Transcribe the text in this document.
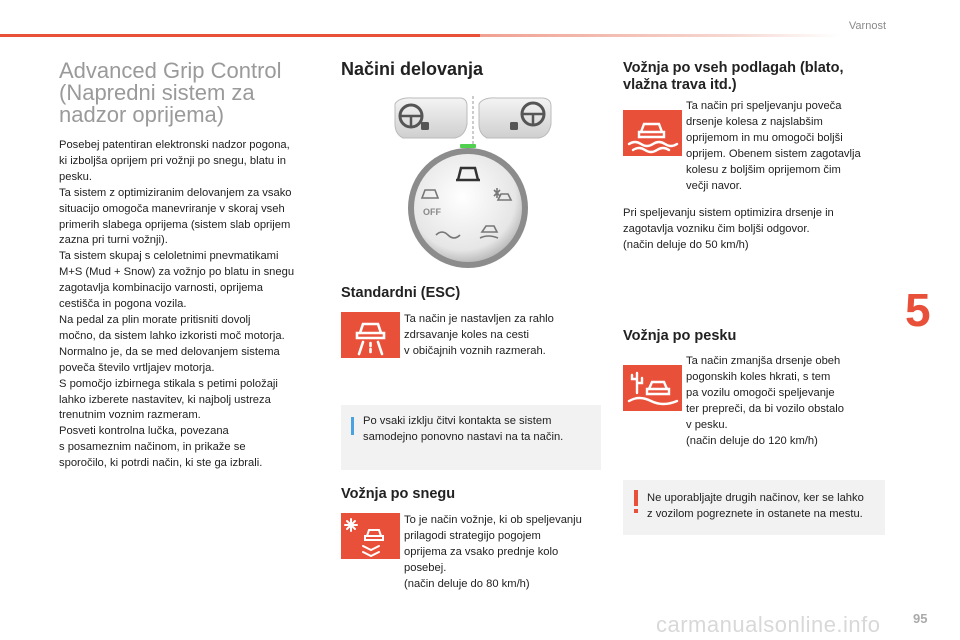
Varnost
5
carmanualsonline.info 95
Advanced Grip Control
(Napredni sistem za
nadzor oprijema)

Posebej patentiran elektronski nadzor pogona,
ki izboljša oprijem pri vožnji po snegu, blatu in
pesku.
Ta sistem z optimiziranim delovanjem za vsako
situacijo omogoča manevriranje v skoraj vseh
primerih slabega oprijema (sistem slab oprijem
zazna pri turni vožnji).
Ta sistem skupaj s celoletnimi pnevmatikami
M+S (Mud + Snow) za vožnjo po blatu in snegu
zagotavlja kombinacijo varnosti, oprijema
cestišča in pogona vozila.
Na pedal za plin morate pritisniti dovolj
močno, da sistem lahko izkoristi moč motorja.
Normalno je, da se med delovanjem sistema
poveča število vrtljajev motorja.
S pomočjo izbirnega stikala s petimi položaji
lahko izberete nastavitev, ki najbolj ustreza
trenutnim voznim razmeram.
Posveti kontrolna lučka, povezana
s posameznim načinom, in prikaže se
sporočilo, ki potrdi način, ki ste ga izbrali.

Načini delovanja
OFF
Standardni (ESC)

Ta način je nastavljen za rahlo
zdrsavanje koles na cesti
v običajnih voznih razmerah.

Po vsaki izklju čitvi kontakta se sistem
samodejno ponovno nastavi na ta način.

Vožnja po snegu

To je način vožnje, ki ob speljevanju
prilagodi strategijo pogojem
oprijema za vsako prednje kolo
posebej.
(način deluje do 80 km/h)

Vožnja po vseh podlagah (blato,
vlažna trava itd.)

Ta način pri speljevanju poveča
drsenje kolesa z najslabšim
oprijemom in mu omogoči boljši
oprijem. Obenem sistem zagotavlja
kolesu z boljšim oprijemom čim
večji navor.

Pri speljevanju sistem optimizira drsenje in
zagotavlja vozniku čim boljši odgovor.
(način deluje do 50 km/h)

Vožnja po pesku

Ta način zmanjša drsenje obeh
pogonskih koles hkrati, s tem
pa vozilu omogoči speljevanje
ter prepreči, da bi vozilo obstalo
v pesku.
(način deluje do 120 km/h)

Ne uporabljajte drugih načinov, ker se lahko
z vozilom pogreznete in ostanete na mestu.
